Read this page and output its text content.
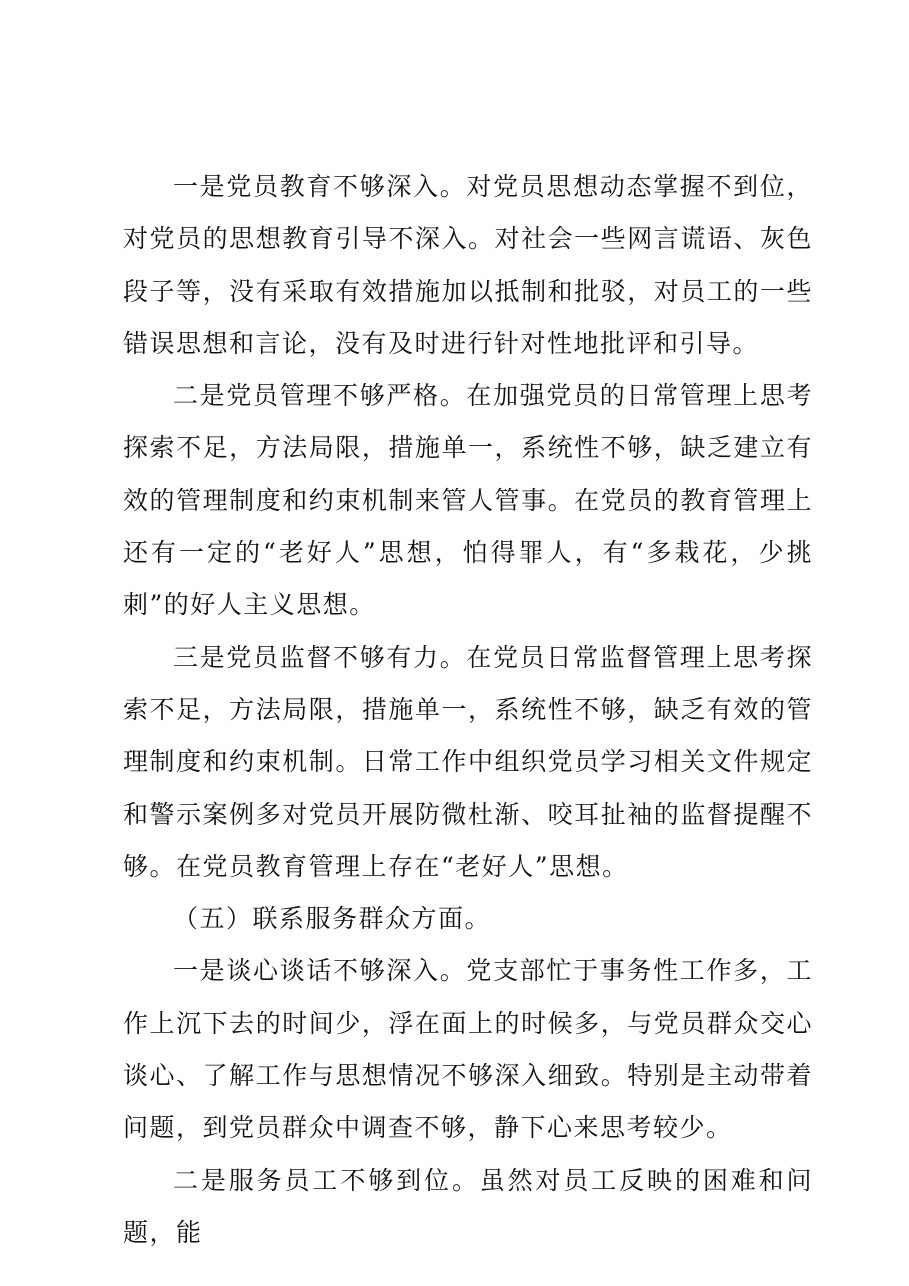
一是党员教育不够深入。对党员思想动态掌握不到位，对党员的思想教育引导不深入。对社会一些网言谎语、灰色段子等，没有采取有效措施加以抵制和批驳，对员工的一些错误思想和言论，没有及时进行针对性地批评和引导。

二是党员管理不够严格。在加强党员的日常管理上思考探索不足，方法局限，措施单一，系统性不够，缺乏建立有效的管理制度和约束机制来管人管事。在党员的教育管理上还有一定的“老好人”思想，怕得罪人，有“多栽花，少挑刺”的好人主义思想。

三是党员监督不够有力。在党员日常监督管理上思考探索不足，方法局限，措施单一，系统性不够，缺乏有效的管理制度和约束机制。日常工作中组织党员学习相关文件规定和警示案例多对党员开展防微杜渐、咬耳扯袖的监督提醒不够。在党员教育管理上存在“老好人”思想。

（五）联系服务群众方面。

一是谈心谈话不够深入。党支部忙于事务性工作多，工作上沉下去的时间少，浮在面上的时候多，与党员群众交心谈心、了解工作与思想情况不够深入细致。特别是主动带着问题，到党员群众中调查不够，静下心来思考较少。

二是服务员工不够到位。虽然对员工反映的困难和问题，能
